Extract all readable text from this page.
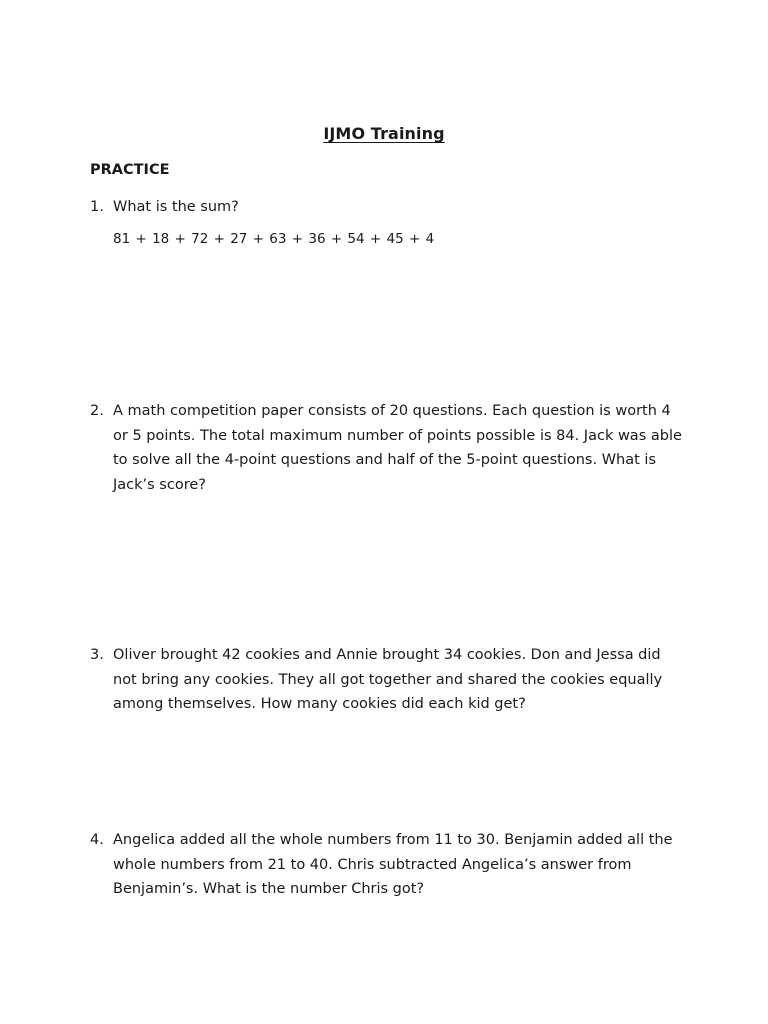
IJMO Training
PRACTICE
1. What is the sum?
81 + 18 + 72 + 27 + 63 + 36 + 54 + 45 + 4
2. A math competition paper consists of 20 questions. Each question is worth 4
or 5 points. The total maximum number of points possible is 84. Jack was able
to solve all the 4-point questions and half of the 5-point questions. What is
Jack’s score?
3. Oliver brought 42 cookies and Annie brought 34 cookies. Don and Jessa did
not bring any cookies. They all got together and shared the cookies equally
among themselves. How many cookies did each kid get?
4. Angelica added all the whole numbers from 11 to 30. Benjamin added all the
whole numbers from 21 to 40. Chris subtracted Angelica’s answer from
Benjamin’s. What is the number Chris got?
